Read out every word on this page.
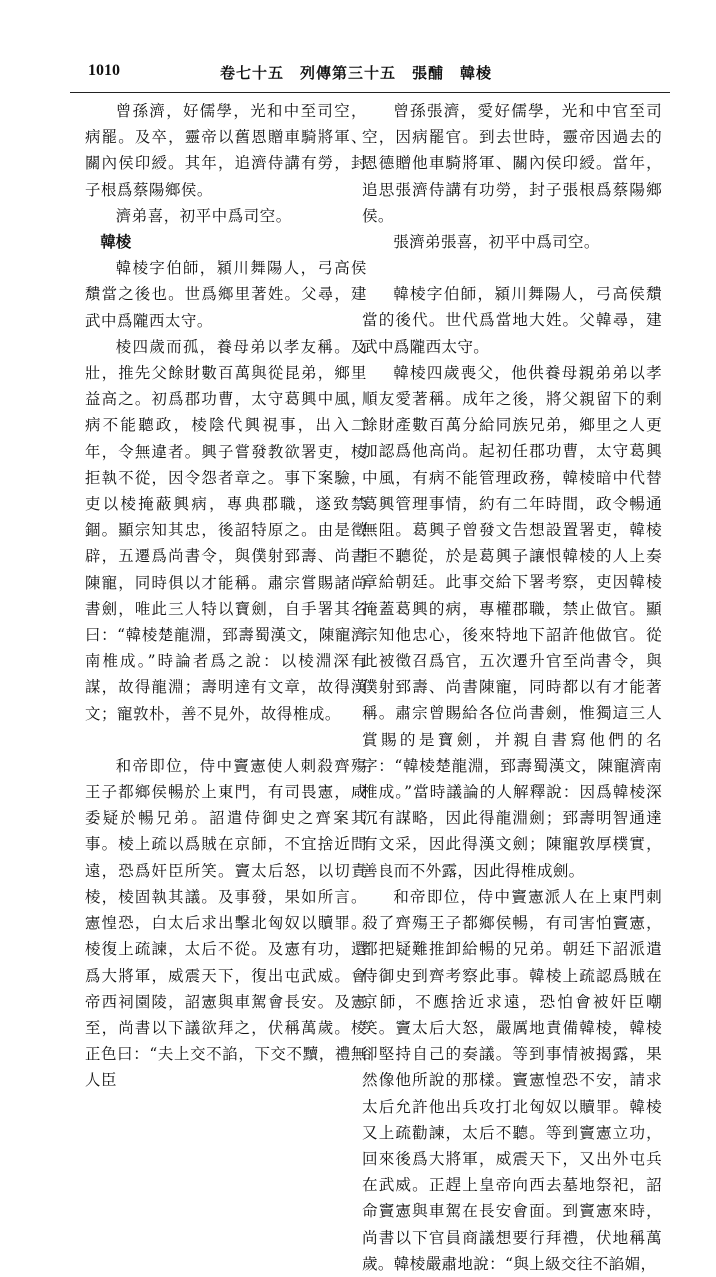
1010	卷七十五　列傳第三十五　張酺　韓棱

曾孫濟，好儒學，光和中至司空，病罷。及卒，靈帝以舊恩贈車騎將軍、關內侯印綬。其年，追濟侍講有勞，封子根爲蔡陽鄉侯。

濟弟喜，初平中爲司空。

韓棱

韓棱字伯師，潁川舞陽人，弓高侯穨當之後也。世爲鄉里著姓。父尋，建武中爲隴西太守。

棱四歲而孤，養母弟以孝友稱。及壯，推先父餘財數百萬與從昆弟，鄉里益高之。初爲郡功曹，太守葛興中風，病不能聽政，棱陰代興視事，出入二年，令無違者。興子嘗發教欲署吏，棱拒執不從，因令怨者章之。事下案驗，吏以棱掩蔽興病，專典郡職，遂致禁錮。顯宗知其忠，後詔特原之。由是徵辟，五遷爲尚書令，與僕射郅壽、尚書陳寵，同時俱以才能稱。肅宗嘗賜諸尚書劍，唯此三人特以寶劍，自手署其名曰：“韓棱楚龍淵，郅壽蜀漢文，陳寵濟南椎成。”時論者爲之說：以棱淵深有謀，故得龍淵；壽明達有文章，故得漢文；寵敦朴，善不見外，故得椎成。

和帝即位，侍中竇憲使人刺殺齊殤王子都鄉侯暢於上東門，有司畏憲，咸委疑於暢兄弟。詔遣侍御史之齊案其事。棱上疏以爲賊在京師，不宜捨近問遠，恐爲奸臣所笑。竇太后怒，以切責棱，棱固執其議。及事發，果如所言。憲惶恐，白太后求出擊北匈奴以贖罪。棱復上疏諫，太后不從。及憲有功，還爲大將軍，威震天下，復出屯武威。會帝西祠園陵，詔憲與車駕會長安。及憲至，尚書以下議欲拜之，伏稱萬歲。棱正色曰：“夫上交不諂，下交不黷，禮無人臣

曾孫張濟，愛好儒學，光和中官至司空，因病罷官。到去世時，靈帝因過去的恩德贈他車騎將軍、關內侯印綬。當年，追思張濟侍講有功勞，封子張根爲蔡陽鄉侯。

張濟弟張喜，初平中爲司空。

韓棱字伯師，潁川舞陽人，弓高侯穨當的後代。世代爲當地大姓。父韓尋，建武中爲隴西太守。

韓棱四歲喪父，他供養母親弟弟以孝順友愛著稱。成年之後，將父親留下的剩餘財產數百萬分給同族兄弟，鄉里之人更加認爲他高尚。起初任郡功曹，太守葛興中風，有病不能管理政務，韓棱暗中代替葛興管理事情，約有二年時間，政令暢通無阻。葛興子曾發文告想設置署吏，韓棱拒不聽從，於是葛興子讓恨韓棱的人上奏章給朝廷。此事交給下署考察，吏因韓棱掩蓋葛興的病，專權郡職，禁止做官。顯宗知他忠心，後來特地下詔許他做官。從此被徵召爲官，五次遷升官至尚書令，與僕射郅壽、尚書陳寵，同時都以有才能著稱。肅宗曾賜給各位尚書劍，惟獨這三人賞賜的是寶劍，并親自書寫他們的名字：“韓棱楚龍淵，郅壽蜀漢文，陳寵濟南椎成。”當時議論的人解釋說：因爲韓棱深沉有謀略，因此得龍淵劍；郅壽明智通達有文采，因此得漢文劍；陳寵敦厚樸實，善良而不外露，因此得椎成劍。

和帝即位，侍中竇憲派人在上東門刺殺了齊殤王子都鄉侯暢，有司害怕竇憲，都把疑難推卸給暢的兄弟。朝廷下詔派遣侍御史到齊考察此事。韓棱上疏認爲賊在京師，不應捨近求遠，恐怕會被奸臣嘲笑。竇太后大怒，嚴厲地責備韓棱，韓棱卻堅持自己的奏議。等到事情被揭露，果然像他所說的那樣。竇憲惶恐不安，請求太后允許他出兵攻打北匈奴以贖罪。韓棱又上疏勸諫，太后不聽。等到竇憲立功，回來後爲大將軍，威震天下，又出外屯兵在武威。正趕上皇帝向西去墓地祭祀，詔命竇憲與車駕在長安會面。到竇憲來時，尚書以下官員商議想要行拜禮，伏地稱萬歲。韓棱嚴肅地說：“與上級交往不諂媚，
